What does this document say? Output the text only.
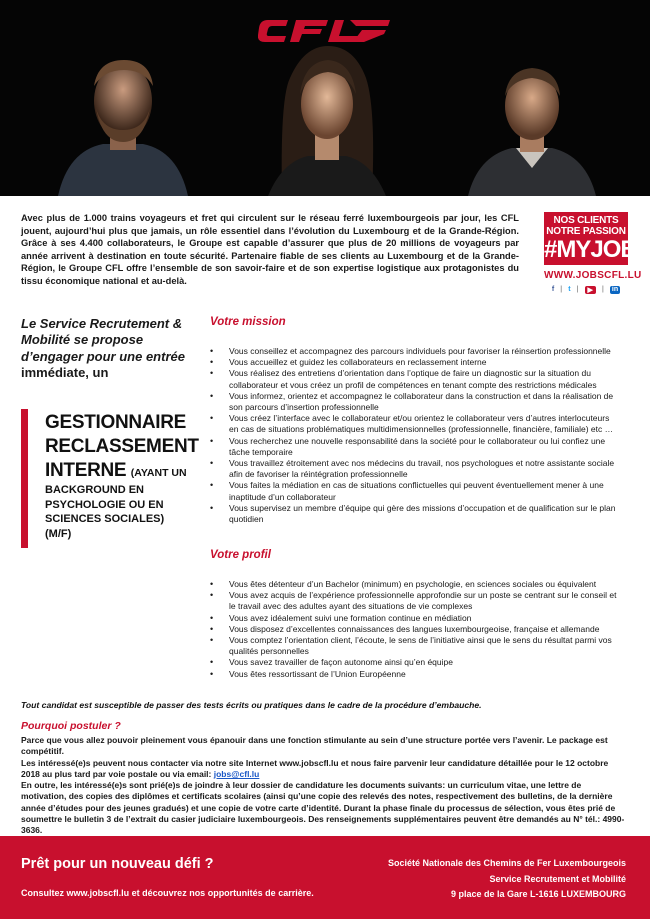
CFL

Avec plus de 1.000 trains voyageurs et fret qui circulent sur le réseau ferré luxembourgeois par jour, les CFL jouent, aujourd’hui plus que jamais, un rôle essentiel dans l’évolution du Luxembourg et de la Grande-Région. Grâce à ses 4.400 collaborateurs, le Groupe est capable d’assurer que plus de 20 millions de voyageurs par année arrivent à destination en toute sécurité. Partenaire fiable de ses clients au Luxembourg et de la Grande-Région, le Groupe CFL offre l’ensemble de son savoir-faire et de son expertise logistique aux protagonistes du tissu économique national et au-delà.

NOS CLIENTS
NOTRE PASSION
#MYJOB
WWW.JOBSCFL.LU
f | t |	▶	| in
Le Service Recrutement & Mobilité se propose d’engager pour une entrée immédiate, un
GESTIONNAIRE RECLASSEMENT INTERNE (AYANT UN
BACKGROUND EN PSYCHOLOGIE OU EN SCIENCES SOCIALES)
(M/F)
Votre mission
• Vous conseillez et accompagnez des parcours individuels pour favoriser la réinsertion professionnelle
• Vous accueillez et guidez les collaborateurs en reclassement interne
• Vous réalisez des entretiens d’orientation dans l’optique de faire un diagnostic sur la situation du collaborateur et vous créez un profil de compétences en tenant compte des restrictions médicales
• Vous informez, orientez et accompagnez le collaborateur dans la construction et dans la réalisation de son parcours d’insertion professionnelle
• Vous créez l’interface avec le collaborateur et/ou orientez le collaborateur vers d’autres interlocuteurs en cas de situations problématiques multidimensionnelles (professionnelle, financière, familiale) etc …
• Vous recherchez une nouvelle responsabilité dans la société pour le collaborateur ou lui confiez une tâche temporaire
• Vous travaillez étroitement avec nos médecins du travail, nos psychologues et notre assistante sociale afin de favoriser la réintégration professionnelle
• Vous faites la médiation en cas de situations conflictuelles qui peuvent éventuellement mener à une inaptitude d’un collaborateur
• Vous supervisez un membre d’équipe qui gère des missions d’occupation et de qualification sur le plan quotidien
Votre profil
• Vous êtes détenteur d’un Bachelor (minimum) en psychologie, en sciences sociales ou équivalent
• Vous avez acquis de l’expérience professionnelle approfondie sur un poste se centrant sur le conseil et le travail avec des adultes ayant des situations de vie complexes
• Vous avez idéalement suivi une formation continue en médiation
• Vous disposez d’excellentes connaissances des langues luxembourgeoise, française et allemande
• Vous comptez l’orientation client, l’écoute, le sens de l’initiative ainsi que le sens du résultat parmi vos qualités personnelles
• Vous savez travailler de façon autonome ainsi qu’en équipe
• Vous êtes ressortissant de l’Union Européenne

Tout candidat est susceptible de passer des tests écrits ou pratiques dans le cadre de la procédure d’embauche.

Pourquoi postuler ?

Parce que vous allez pouvoir pleinement vous épanouir dans une fonction stimulante au sein d’une structure portée vers l’avenir. Le package est compétitif.

Les intéressé(e)s peuvent nous contacter via notre site Internet www.jobscfl.lu et nous faire parvenir leur candidature détaillée pour le 12 octobre 2018 au plus tard par voie postale ou via email: jobs@cfl.lu

En outre, les intéressé(e)s sont prié(e)s de joindre à leur dossier de candidature les documents suivants: un curriculum vitae, une lettre de motivation, des copies des diplômes et certificats scolaires (ainsi qu’une copie des relevés des notes, respectivement des bulletins, de la dernière année d’études pour des jeunes gradués) et une copie de votre carte d’identité. Durant la phase finale du processus de sélection, vous êtes prié de soumettre le bulletin 3 de l’extrait du casier judiciaire luxembourgeois. Des renseignements supplémentaires peuvent être demandés au N° tél.: 4990-3636.

Prêt pour un nouveau défi ?
Consultez www.jobscfl.lu et découvrez nos opportunités de carrière.
Société Nationale des Chemins de Fer Luxembourgeois
Service Recrutement et Mobilité
9 place de la Gare L-1616 LUXEMBOURG
